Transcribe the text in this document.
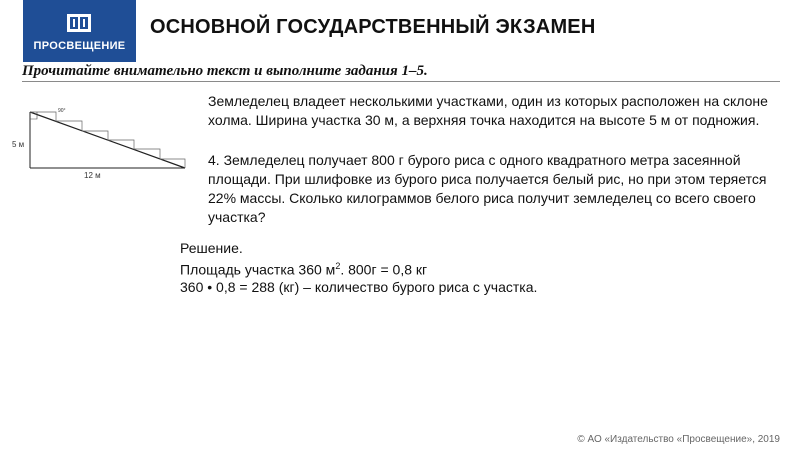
ПРОСВЕЩЕНИЕ
ОСНОВНОЙ ГОСУДАРСТВЕННЫЙ ЭКЗАМЕН
Прочитайте внимательно текст и выполните задания 1–5.
90°
5 м
12 м
Земледелец владеет несколькими участками, один из которых расположен на склоне холма. Ширина участка 30 м, а верхняя точка находится на высоте 5 м от подножия.
4. Земледелец получает 800 г бурого риса с одного квадратного метра засеянной площади. При шлифовке из бурого риса получается белый рис, но при этом теряется 22% массы. Сколько килограммов белого риса получит земледелец со всего своего участка?
Решение.
Площадь участка 360 $м^2$. 800г = 0,8 кг
360 • 0,8 = 288 (кг) – количество бурого риса с участка.
© АО «Издательство «Просвещение», 2019
